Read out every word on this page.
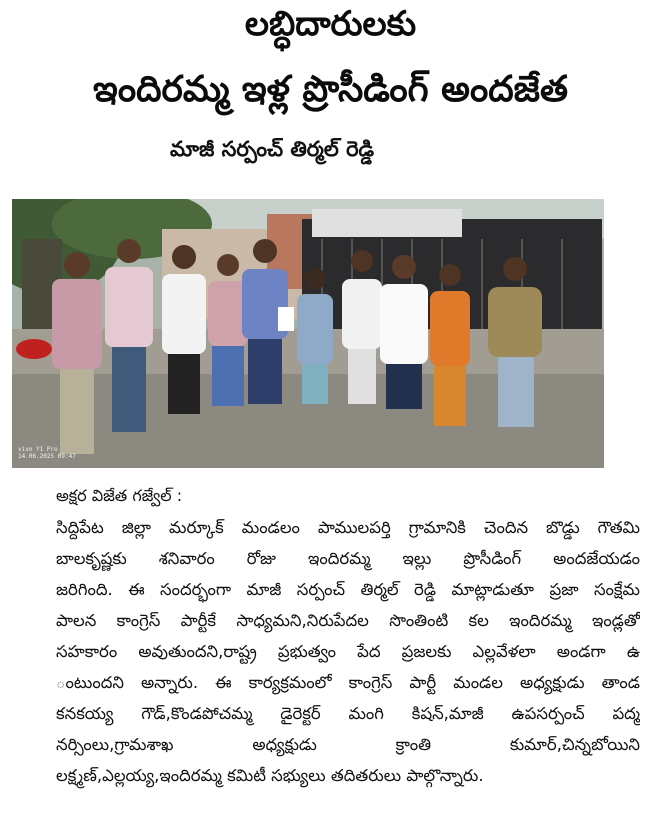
లబ్ధిదారులకు
ఇందిరమ్మ ఇళ్ల ప్రొసీడింగ్ అందజేత
మాజీ సర్పంచ్ తిర్మల్ రెడ్డి
vivo Y1 Pro
14.06.2025 09:47
అక్షర విజేత గజ్వేల్ :
సిద్దిపేట జిల్లా మర్కూక్ మండలం పాములపర్తి గ్రామానికి చెందిన బొడ్డు గౌతమి
బాలకృష్ణకు శనివారం రోజు ఇందిరమ్మ ఇల్లు ప్రొసీడింగ్ అందజేయడం
జరిగింది. ఈ సందర్భంగా మాజీ సర్పంచ్ తిర్మల్ రెడ్డి మాట్లాడుతూ ప్రజా సంక్షేమ
పాలన కాంగ్రెస్ పార్టీకే సాధ్యమని,నిరుపేదల సొంతింటి కల ఇందిరమ్మ ఇండ్లతో
సహకారం అవుతుందని,రాష్ట్ర ప్రభుత్వం పేద ప్రజలకు ఎల్లవేళలా అండగా ఉ
ంటుందని అన్నారు. ఈ కార్యక్రమంలో కాంగ్రెస్ పార్టీ మండల అధ్యక్షుడు తాండ
కనకయ్య గౌడ్,కొండపోచమ్మ డైరెక్టర్ మంగి కిషన్,మాజీ ఉపసర్పంచ్ పద్మ
నర్సింలు,గ్రామశాఖ అధ్యక్షుడు క్రాంతి కుమార్,చిన్నబోయిని
లక్ష్మణ్,ఎల్లయ్య,ఇందిరమ్మ కమిటీ సభ్యులు తదితరులు పాల్గొన్నారు.
